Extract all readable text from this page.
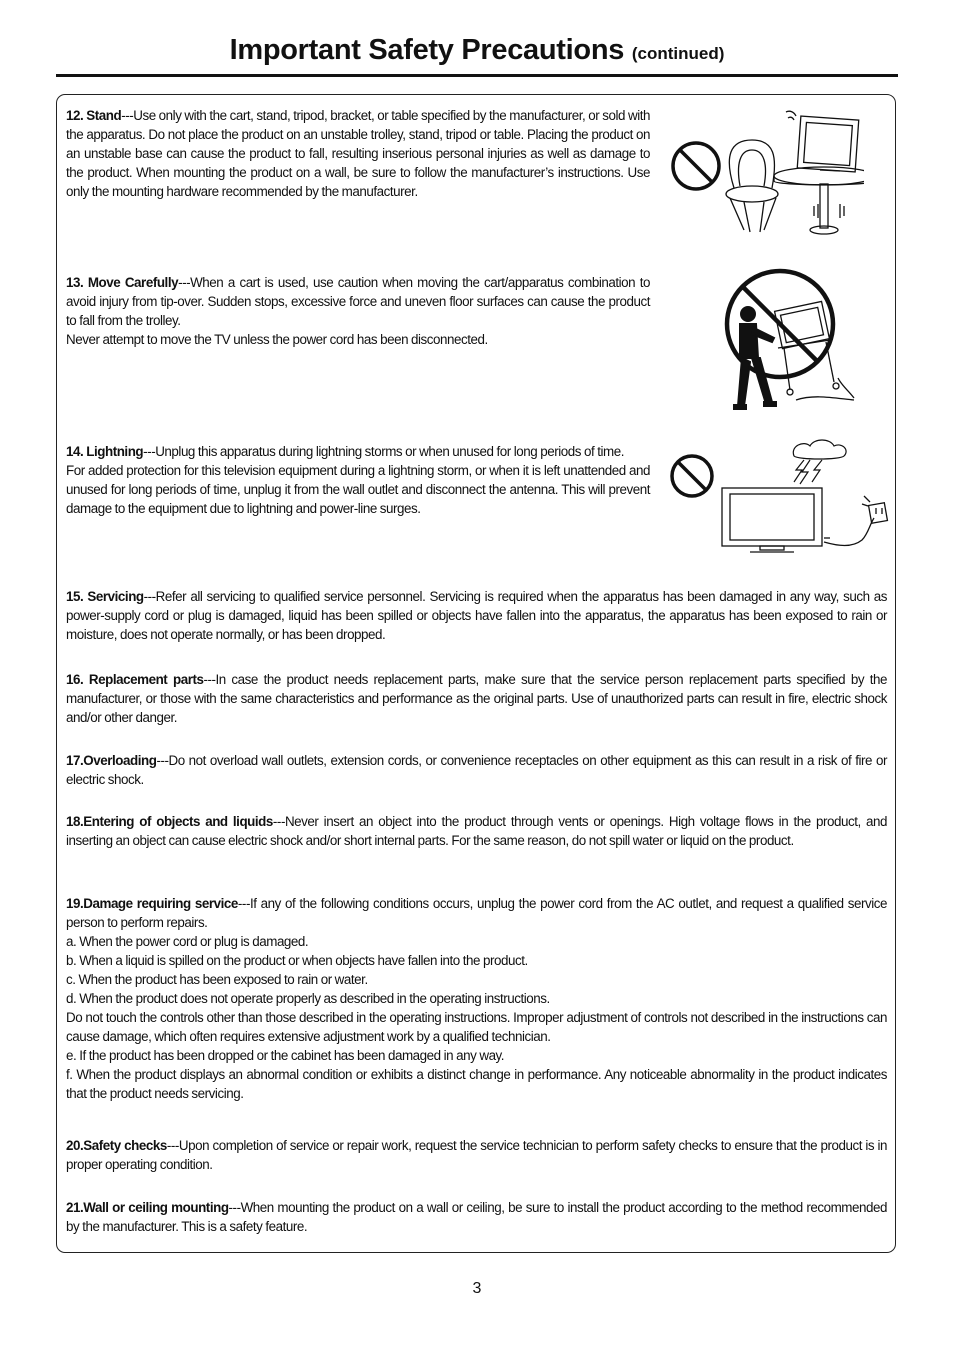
Important Safety Precautions (continued)

12. Stand---Use only with the cart, stand, tripod, bracket, or table specified by the manufacturer, or sold with the apparatus. Do not place the product on an unstable trolley, stand, tripod or table. Placing the product on an unstable base can cause the product to fall, resulting inserious personal injuries as well as damage to the product. When mounting the product on a wall, be sure to follow the manufacturer’s instructions. Use only the mounting hardware recommended by the manufacturer.

13. Move Carefully---When a cart is used, use caution when moving the cart/apparatus combination to avoid injury from tip-over. Sudden stops, excessive force and uneven floor surfaces can cause the product to fall from the trolley.
Never attempt to move the TV unless the power cord has been disconnected.

14. Lightning---Unplug this apparatus during lightning storms or when unused for long periods of time.
For added protection for this television equipment during a lightning storm, or when it is left unattended and unused for long periods of time, unplug it from the wall outlet and disconnect the antenna. This will prevent damage to the equipment due to lightning and power-line surges.

15. Servicing---Refer all servicing to qualified service personnel. Servicing is required when the apparatus has been damaged in any way, such as power-supply cord or plug is damaged, liquid has been spilled or objects have fallen into the apparatus, the apparatus has been exposed to rain or moisture, does not operate normally, or has been dropped.

16. Replacement parts---In case the product needs replacement parts, make sure that the service person replacement parts specified by the manufacturer, or those with the same characteristics and performance as the original parts. Use of unauthorized parts can result in fire, electric shock and/or other danger.

17.Overloading---Do not overload wall outlets, extension cords, or convenience receptacles on other equipment as this can result in a risk of fire or electric shock.

18.Entering of objects and liquids---Never insert an object into the product through vents or openings. High voltage flows in the product, and inserting an object can cause electric shock and/or short internal parts. For the same reason, do not spill water or liquid on the product.

19.Damage requiring service---If any of the following conditions occurs, unplug the power cord from the AC outlet, and request a qualified service person to perform repairs.
a. When the power cord or plug is damaged.
b. When a liquid is spilled on the product or when objects have fallen into the product.
c. When the product has been exposed to rain or water.
d. When the product does not operate properly as described in the operating instructions.
Do not touch the controls other than those described in the operating instructions. Improper adjustment of controls not described in the instructions can cause damage, which often requires extensive adjustment work by a qualified technician.
e. If the product has been dropped or the cabinet has been damaged in any way.
f. When the product displays an abnormal condition or exhibits a distinct change in performance. Any noticeable abnormality in the product indicates that the product needs servicing.

20.Safety checks---Upon completion of service or repair work, request the service technician to perform safety checks to ensure that the product is in proper operating condition.

21.Wall or ceiling mounting---When mounting the product on a wall or ceiling, be sure to install the product according to the method recommended by the manufacturer. This is a safety feature.

3
